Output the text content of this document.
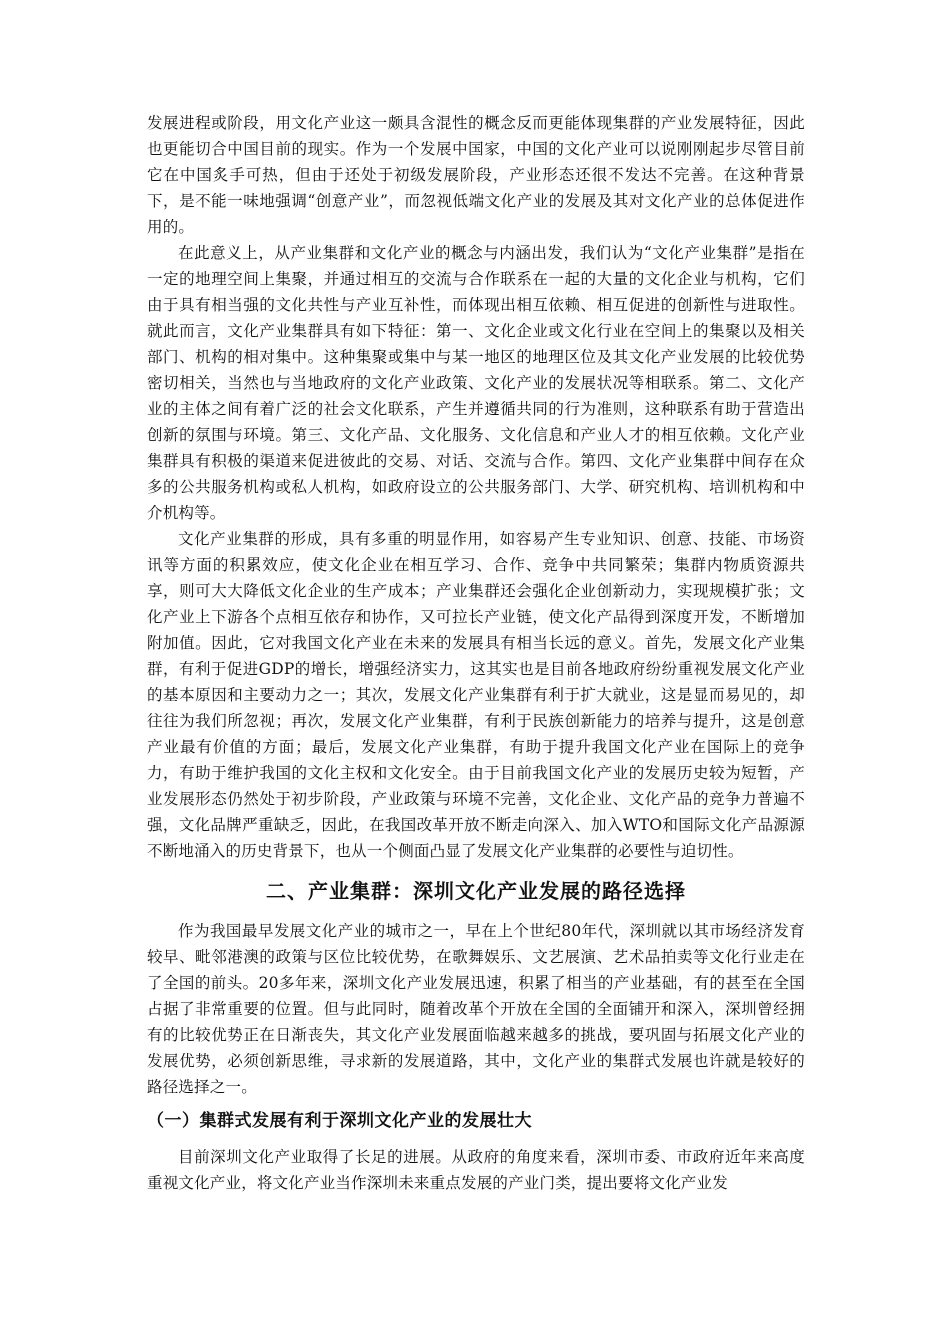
发展进程或阶段，用文化产业这一颇具含混性的概念反而更能体现集群的产业发展特征，因此也更能切合中国目前的现实。作为一个发展中国家，中国的文化产业可以说刚刚起步尽管目前它在中国炙手可热，但由于还处于初级发展阶段，产业形态还很不发达不完善。在这种背景下，是不能一味地强调“创意产业”，而忽视低端文化产业的发展及其对文化产业的总体促进作用的。

在此意义上，从产业集群和文化产业的概念与内涵出发，我们认为“文化产业集群”是指在一定的地理空间上集聚，并通过相互的交流与合作联系在一起的大量的文化企业与机构，它们由于具有相当强的文化共性与产业互补性，而体现出相互依赖、相互促进的创新性与进取性。就此而言，文化产业集群具有如下特征：第一、文化企业或文化行业在空间上的集聚以及相关部门、机构的相对集中。这种集聚或集中与某一地区的地理区位及其文化产业发展的比较优势密切相关，当然也与当地政府的文化产业政策、文化产业的发展状况等相联系。第二、文化产业的主体之间有着广泛的社会文化联系，产生并遵循共同的行为准则，这种联系有助于营造出创新的氛围与环境。第三、文化产品、文化服务、文化信息和产业人才的相互依赖。文化产业集群具有积极的渠道来促进彼此的交易、对话、交流与合作。第四、文化产业集群中间存在众多的公共服务机构或私人机构，如政府设立的公共服务部门、大学、研究机构、培训机构和中介机构等。

文化产业集群的形成，具有多重的明显作用，如容易产生专业知识、创意、技能、市场资讯等方面的积累效应，使文化企业在相互学习、合作、竞争中共同繁荣；集群内物质资源共享，则可大大降低文化企业的生产成本；产业集群还会强化企业创新动力，实现规模扩张；文化产业上下游各个点相互依存和协作，又可拉长产业链，使文化产品得到深度开发，不断增加附加值。因此，它对我国文化产业在未来的发展具有相当长远的意义。首先，发展文化产业集群，有利于促进GDP的增长，增强经济实力，这其实也是目前各地政府纷纷重视发展文化产业的基本原因和主要动力之一；其次，发展文化产业集群有利于扩大就业，这是显而易见的，却往往为我们所忽视；再次，发展文化产业集群，有利于民族创新能力的培养与提升，这是创意产业最有价值的方面；最后，发展文化产业集群，有助于提升我国文化产业在国际上的竞争力，有助于维护我国的文化主权和文化安全。由于目前我国文化产业的发展历史较为短暂，产业发展形态仍然处于初步阶段，产业政策与环境不完善，文化企业、文化产品的竞争力普遍不强，文化品牌严重缺乏，因此，在我国改革开放不断走向深入、加入WTO和国际文化产品源源不断地涌入的历史背景下，也从一个侧面凸显了发展文化产业集群的必要性与迫切性。

二、产业集群：深圳文化产业发展的路径选择

作为我国最早发展文化产业的城市之一，早在上个世纪80年代，深圳就以其市场经济发育较早、毗邻港澳的政策与区位比较优势，在歌舞娱乐、文艺展演、艺术品拍卖等文化行业走在了全国的前头。20多年来，深圳文化产业发展迅速，积累了相当的产业基础，有的甚至在全国占据了非常重要的位置。但与此同时，随着改革个开放在全国的全面铺开和深入，深圳曾经拥有的比较优势正在日渐丧失，其文化产业发展面临越来越多的挑战，要巩固与拓展文化产业的发展优势，必须创新思维，寻求新的发展道路，其中，文化产业的集群式发展也许就是较好的路径选择之一。

（一）集群式发展有利于深圳文化产业的发展壮大

目前深圳文化产业取得了长足的进展。从政府的角度来看，深圳市委、市政府近年来高度重视文化产业，将文化产业当作深圳未来重点发展的产业门类，提出要将文化产业发
